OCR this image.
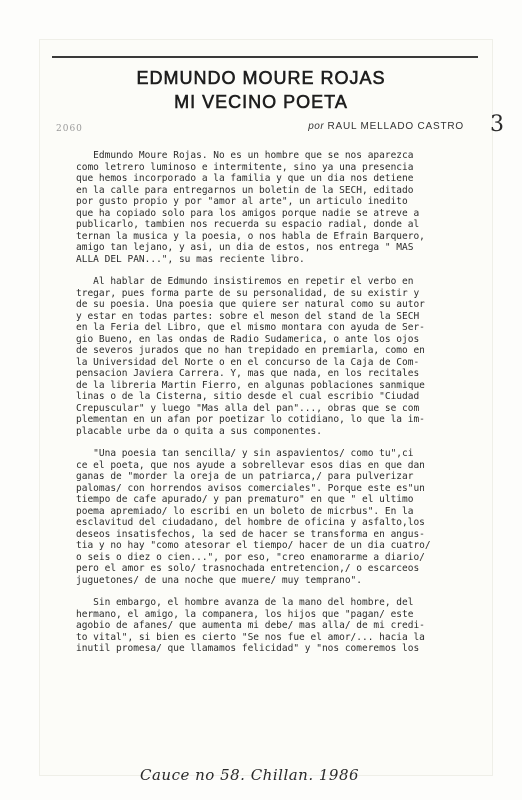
EDMUNDO MOURE ROJAS
MI VECINO POETA
2060	por RAUL MELLADO CASTRO 3
Edmundo Moure Rojas. No es un hombre que se nos aparezca
como letrero luminoso e intermitente, sino ya una presencia
que hemos incorporado a la familia y que un dia nos detiene
en la calle para entregarnos un boletin de la SECH, editado
por gusto propio y por "amor al arte", un articulo inedito
que ha copiado solo para los amigos porque nadie se atreve a
publicarlo, tambien nos recuerda su espacio radial, donde al
ternan la musica y la poesia, o nos habla de Efrain Barquero,
amigo tan lejano, y asi, un dia de estos, nos entrega " MAS
ALLA DEL PAN...", su mas reciente libro.
Al hablar de Edmundo insistiremos en repetir el verbo en
tregar, pues forma parte de su personalidad, de su existir y
de su poesia. Una poesia que quiere ser natural como su autor
y estar en todas partes: sobre el meson del stand de la SECH
en la Feria del Libro, que el mismo montara con ayuda de Ser-
gio Bueno, en las ondas de Radio Sudamerica, o ante los ojos
de severos jurados que no han trepidado en premiarla, como en
la Universidad del Norte o en el concurso de la Caja de Com-
pensacion Javiera Carrera. Y, mas que nada, en los recitales
de la libreria Martin Fierro, en algunas poblaciones sanmique
linas o de la Cisterna, sitio desde el cual escribio "Ciudad
Crepuscular" y luego "Mas alla del pan"..., obras que se com
plementan en un afan por poetizar lo cotidiano, lo que la im-
placable urbe da o quita a sus componentes.
"Una poesia tan sencilla/ y sin aspavientos/ como tu",ci
ce el poeta, que nos ayude a sobrellevar esos dias en que dan
ganas de "morder la oreja de un patriarca,/ para pulverizar
palomas/ con horrendos avisos comerciales". Porque este es"un
tiempo de cafe apurado/ y pan prematuro" en que " el ultimo
poema apremiado/ lo escribi en un boleto de micrbus". En la
esclavitud del ciudadano, del hombre de oficina y asfalto,los
deseos insatisfechos, la sed de hacer se transforma en angus-
tia y no hay "como atesorar el tiempo/ hacer de un dia cuatro/
o seis o diez o cien...", por eso, "creo enamorarme a diario/
pero el amor es solo/ trasnochada entretencion,/ o escarceos
juguetones/ de una noche que muere/ muy temprano".
Sin embargo, el hombre avanza de la mano del hombre, del
hermano, el amigo, la companera, los hijos que "pagan/ este
agobio de afanes/ que aumenta mi debe/ mas alla/ de mi credi-
to vital", si bien es cierto "Se nos fue el amor/... hacia la
inutil promesa/ que llamamos felicidad" y "nos comeremos los
Cauce no 58. Chillan. 1986
